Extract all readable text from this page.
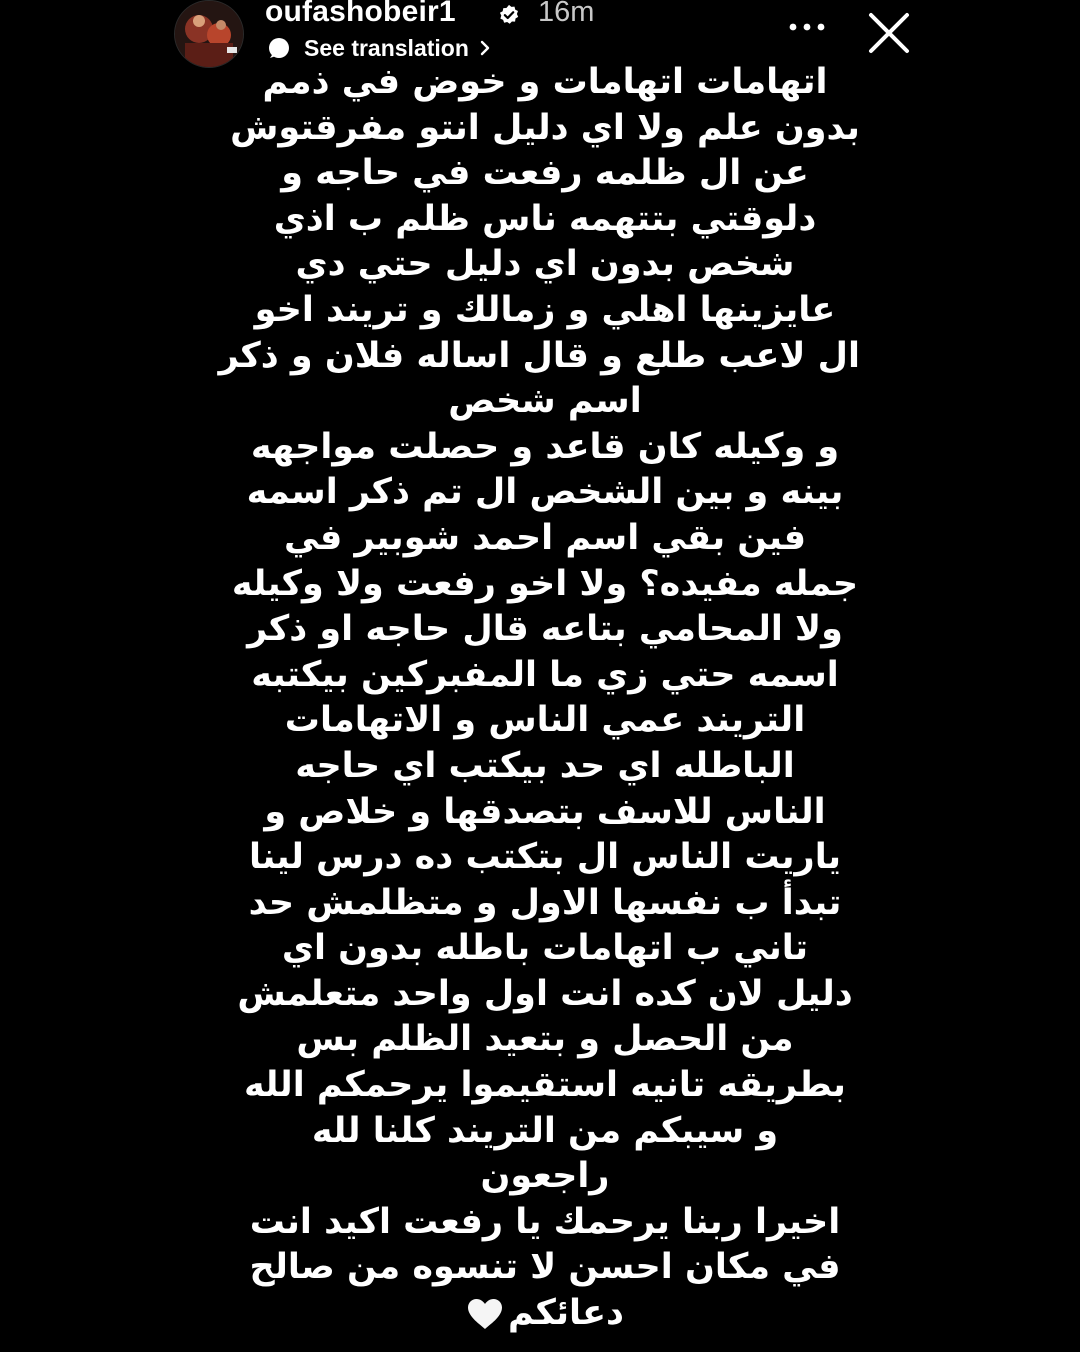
oufashobeir1	16m
See translation
اتهامات اتهامات و خوض في ذمم
بدون علم ولا اي دليل انتو مفرقتوش
عن ال ظلمه رفعت في حاجه و
دلوقتي بتتهمه ناس ظلم ب اذي
شخص بدون اي دليل حتي دي
عايزينها اهلي و زمالك و تريند اخو
ال لاعب طلع و قال اساله فلان و ذكر
اسم شخص
و وكيله كان قاعد و حصلت مواجهه
بينه و بين الشخص ال تم ذكر اسمه
فين بقي اسم احمد شوبير في
جمله مفيده؟ ولا اخو رفعت ولا وكيله
ولا المحامي بتاعه قال حاجه او ذكر
اسمه حتي زي ما المفبركين بيكتبه
التريند عمي الناس و الاتهامات
الباطله اي حد بيكتب اي حاجه
الناس للاسف بتصدقها و خلاص و
ياريت الناس ال بتكتب ده درس لينا
تبدأ ب نفسها الاول و متظلمش حد
تاني ب اتهامات باطله بدون اي
دليل لان كده انت اول واحد متعلمش
من الحصل و بتعيد الظلم بس
بطريقه تانيه استقيموا يرحمكم الله
و سيبكم من التريند كلنا لله
راجعون
اخيرا ربنا يرحمك يا رفعت اكيد انت
في مكان احسن لا تنسوه من صالح
دعائكم
